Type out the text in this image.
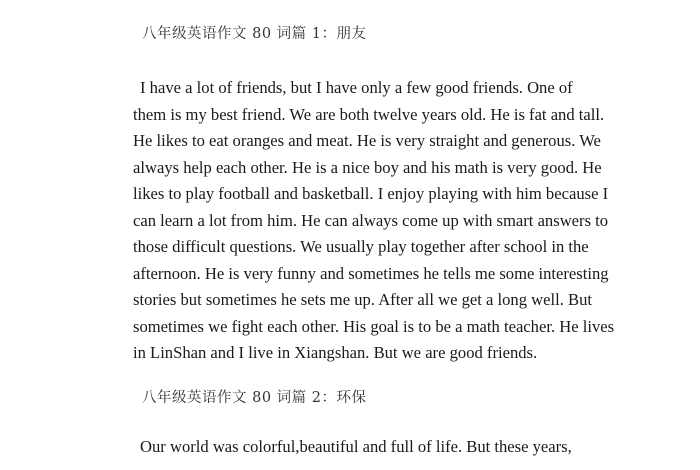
八年级英语作文 80 词篇 1：朋友
I have a lot of friends, but I have only a few good friends. One of
them is my best friend. We are both twelve years old. He is fat and tall.
He likes to eat oranges and meat. He is very straight and generous. We
always help each other. He is a nice boy and his math is very good. He
likes to play football and basketball. I enjoy playing with him because I
can learn a lot from him. He can always come up with smart answers to
those difficult questions. We usually play together after school in the
afternoon. He is very funny and sometimes he tells me some interesting
stories but sometimes he sets me up. After all we get a long well. But
sometimes we fight each other. His goal is to be a math teacher. He lives
in LinShan and I live in Xiangshan. But we are good friends.
八年级英语作文 80 词篇 2：环保
Our world was colorful,beautiful and full of life. But these years,
